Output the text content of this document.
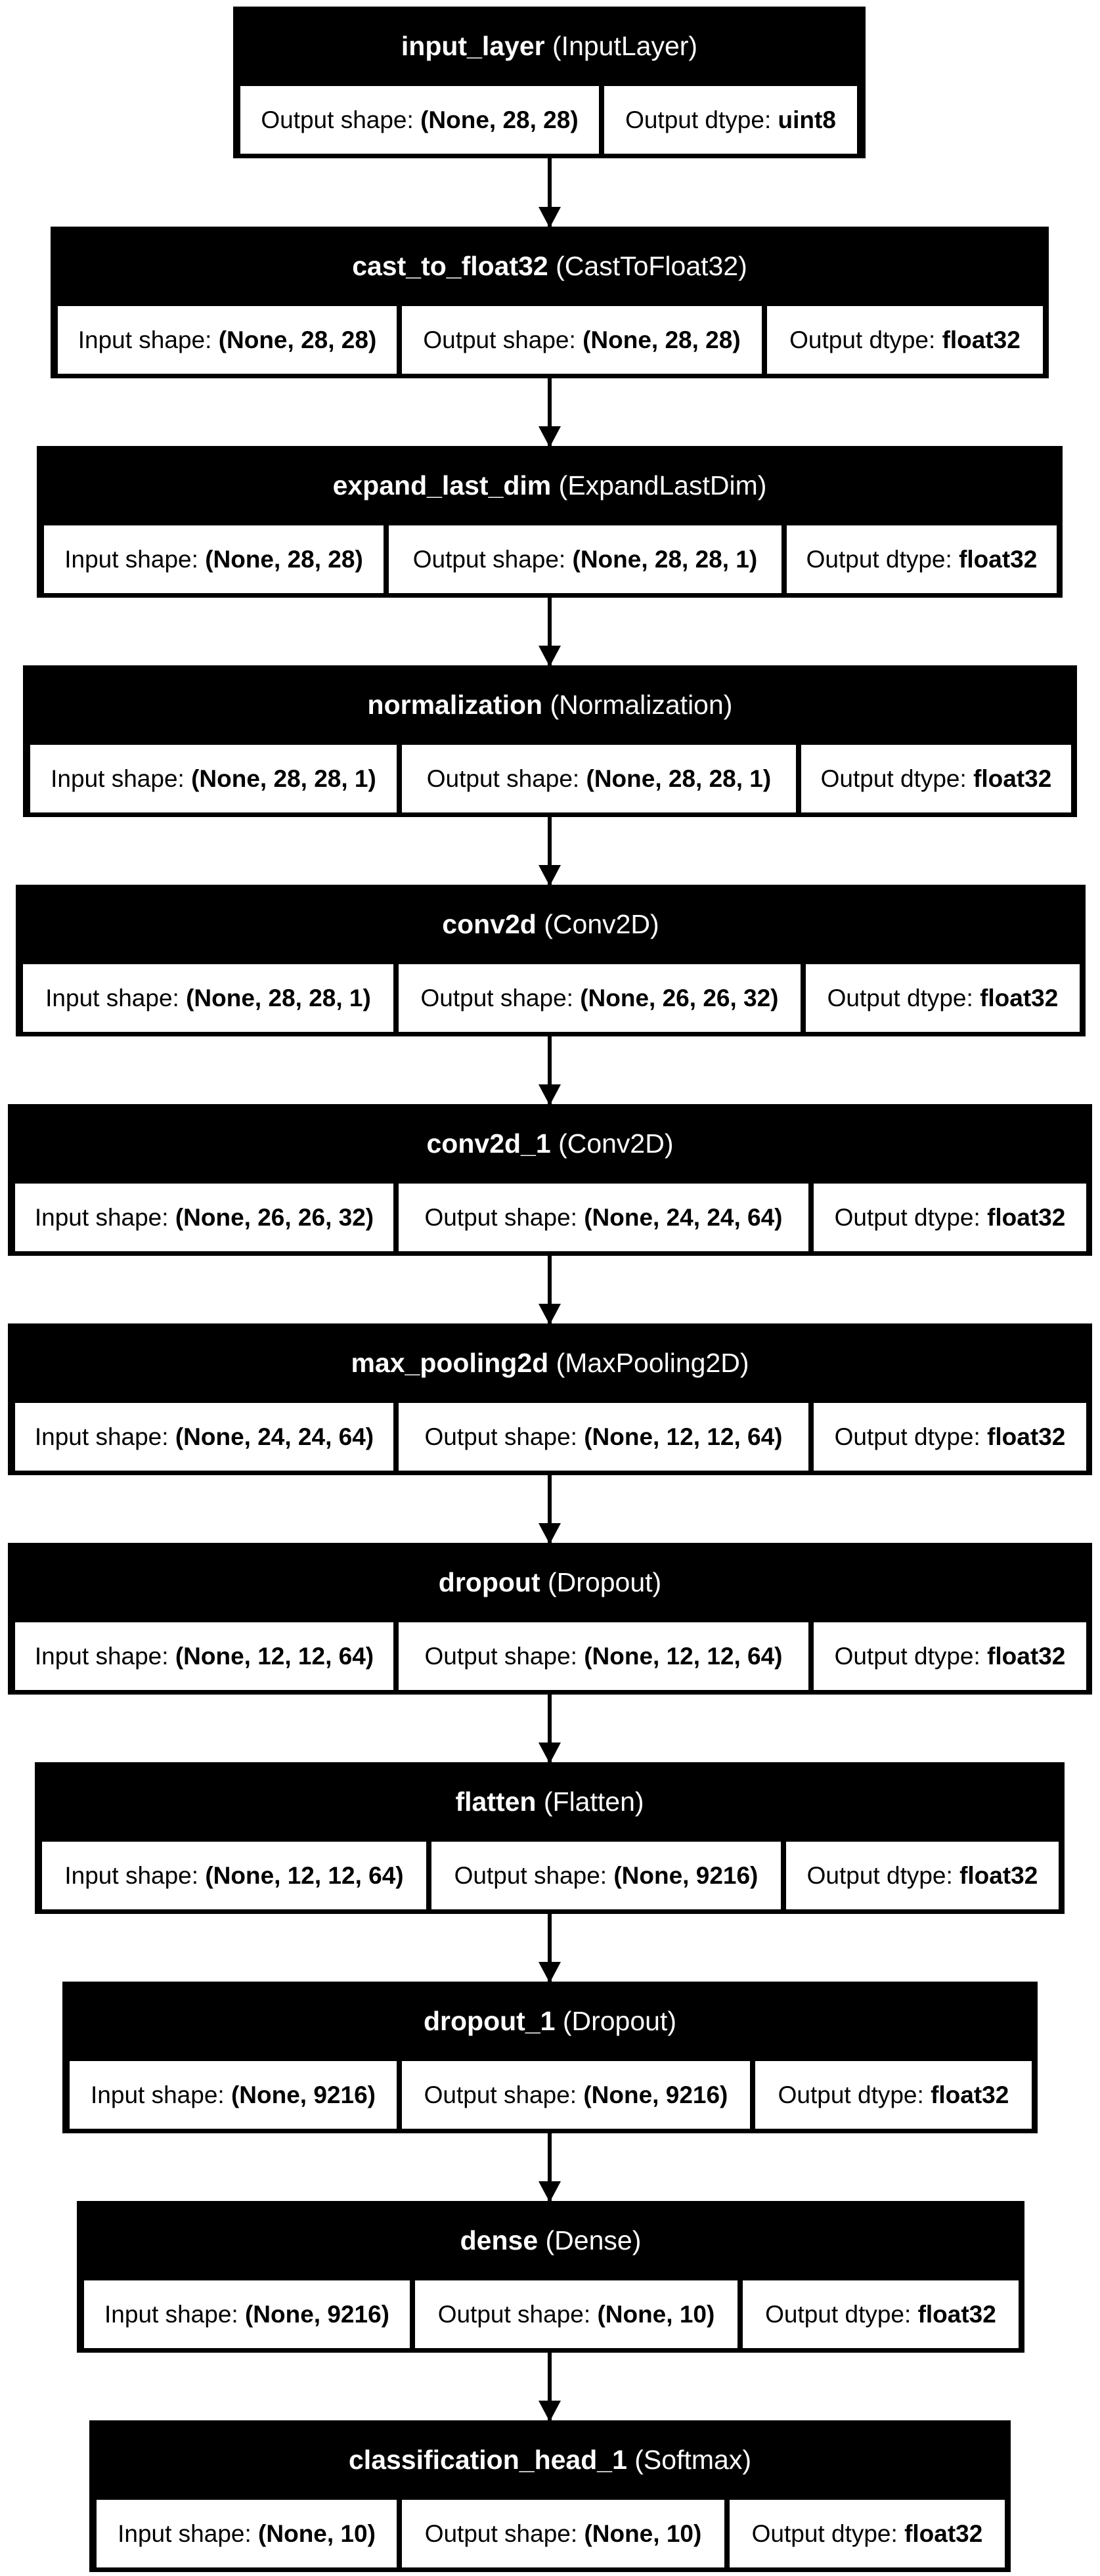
input_layer
(InputLayer)
Output shape: (None, 28, 28) Output dtype: uint8
cast_to_float32
(CastToFloat32)
Input shape: (None, 28, 28) Output shape: (None, 28, 28) Output dtype: float32
expand_last_dim
(ExpandLastDim)
Input shape: (None, 28, 28) Output shape: (None, 28, 28, 1) Output dtype: float32
normalization
(Normalization)
Input shape: (None, 28, 28, 1) Output shape: (None, 28, 28, 1) Output dtype: float32
conv2d
(Conv2D)
Input shape: (None, 28, 28, 1) Output shape: (None, 26, 26, 32) Output dtype: float32
conv2d_1
(Conv2D)
Input shape: (None, 26, 26, 32) Output shape: (None, 24, 24, 64) Output dtype: float32
max_pooling2d
(MaxPooling2D)
Input shape: (None, 24, 24, 64) Output shape: (None, 12, 12, 64) Output dtype: float32
dropout
(Dropout)
Input shape: (None, 12, 12, 64) Output shape: (None, 12, 12, 64) Output dtype: float32
flatten
(Flatten)
Input shape: (None, 12, 12, 64) Output shape: (None, 9216) Output dtype: float32
dropout_1
(Dropout)
Input shape: (None, 9216) Output shape: (None, 9216) Output dtype: float32
dense
(Dense)
Input shape: (None, 9216) Output shape: (None, 10) Output dtype: float32
classification_head_1
(Softmax)
Input shape: (None, 10) Output shape: (None, 10) Output dtype: float32
